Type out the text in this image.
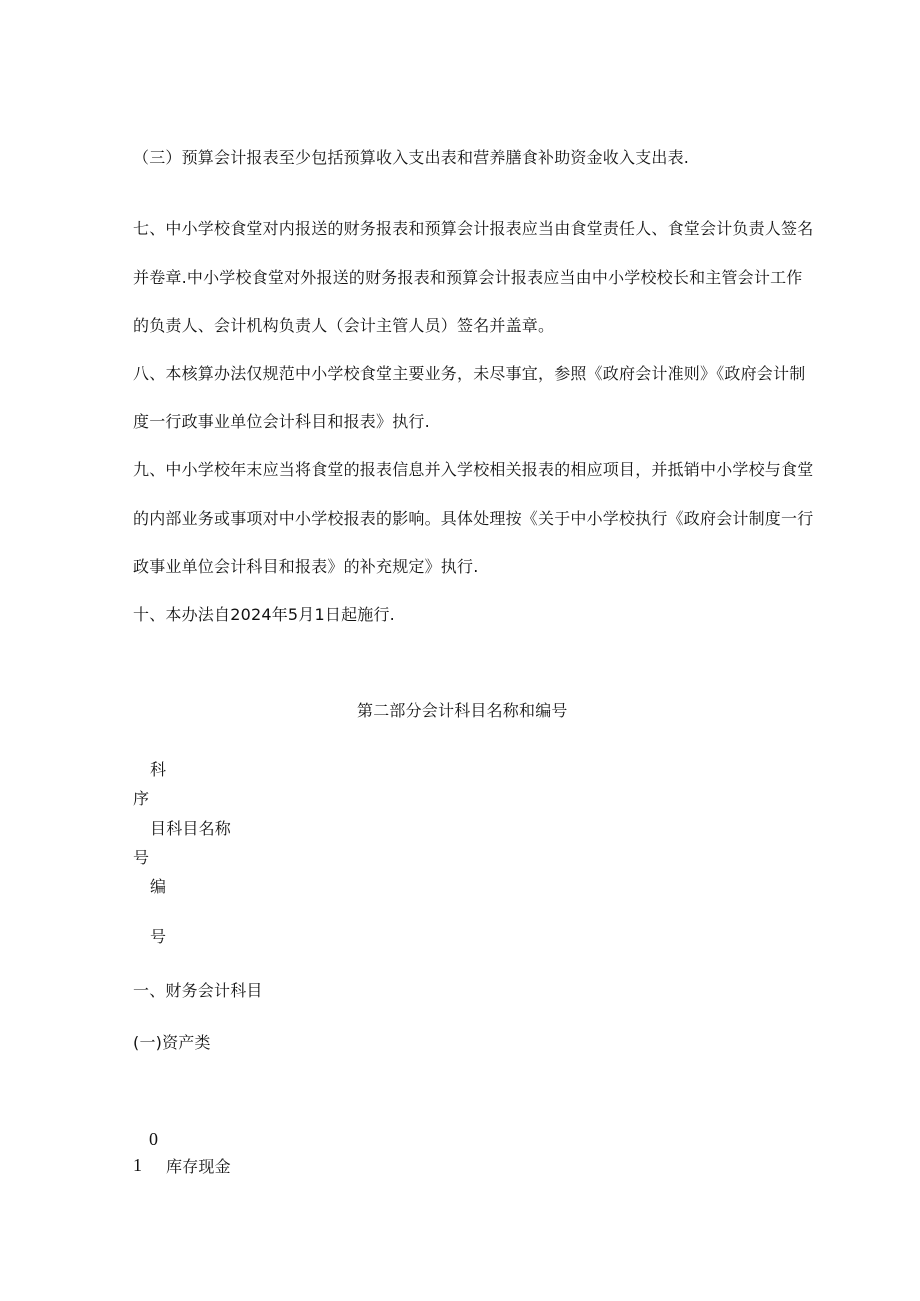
（三）预算会计报表至少包括预算收入支出表和营养膳食补助资金收入支出表.

七、中小学校食堂对内报送的财务报表和预算会计报表应当由食堂责任人、食堂会计负责人签名

并卷章.中小学校食堂对外报送的财务报表和预算会计报表应当由中小学校校长和主管会计工作

的负责人、会计机构负责人（会计主管人员）签名并盖章。

八、本核算办法仅规范中小学校食堂主要业务，未尽事宜，参照《政府会计准则》《政府会计制

度一行政事业单位会计科目和报表》执行.

九、中小学校年末应当将食堂的报表信息并入学校相关报表的相应项目，并抵销中小学校与食堂

的内部业务或事项对中小学校报表的影响。具体处理按《关于中小学校执行《政府会计制度一行

政事业单位会计科目和报表》的补充规定》执行.

十、本办法自2024年5月1日起施行.

第二部分会计科目名称和编号

科

序

目科目名称

号

编

号

一、财务会计科目

(一)资产类

0

1 库存现金
